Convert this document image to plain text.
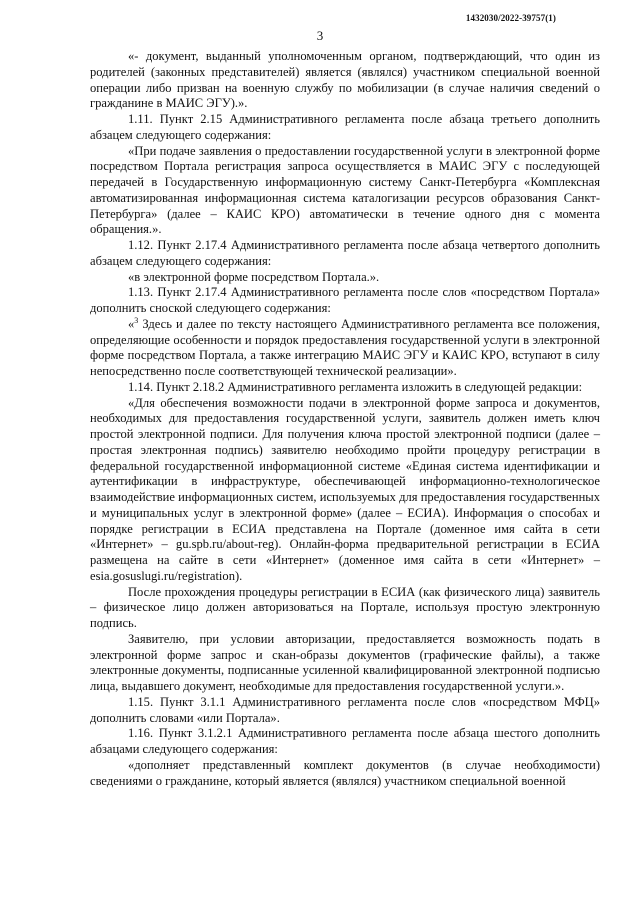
1432030/2022-39757(1)
3

«- документ, выданный уполномоченным органом, подтверждающий, что один из родителей (законных представителей) является (являлся) участником специальной военной операции либо призван на военную службу по мобилизации (в случае наличия сведений о гражданине в МАИС ЭГУ).».

1.11. Пункт 2.15 Административного регламента после абзаца третьего дополнить абзацем следующего содержания:

«При подаче заявления о предоставлении государственной услуги в электронной форме посредством Портала регистрация запроса осуществляется в МАИС ЭГУ с последующей передачей в Государственную информационную систему Санкт-Петербурга «Комплексная автоматизированная информационная система каталогизации ресурсов образования Санкт-Петербурга» (далее – КАИС КРО) автоматически в течение одного дня с момента обращения.».

1.12. Пункт 2.17.4 Административного регламента после абзаца четвертого дополнить абзацем следующего содержания:

«в электронной форме посредством Портала.».

1.13. Пункт 2.17.4 Административного регламента после слов «посредством Портала» дополнить сноской следующего содержания:

«$^3$ Здесь и далее по тексту настоящего Административного регламента все положения, определяющие особенности и порядок предоставления государственной услуги в электронной форме посредством Портала, а также интеграцию МАИС ЭГУ и КАИС КРО, вступают в силу непосредственно после соответствующей технической реализации».

1.14. Пункт 2.18.2 Административного регламента изложить в следующей редакции:

«Для обеспечения возможности подачи в электронной форме запроса и документов, необходимых для предоставления государственной услуги, заявитель должен иметь ключ простой электронной подписи. Для получения ключа простой электронной подписи (далее – простая электронная подпись) заявителю необходимо пройти процедуру регистрации в федеральной государственной информационной системе «Единая система идентификации и аутентификации в инфраструктуре, обеспечивающей информационно-технологическое взаимодействие информационных систем, используемых для предоставления государственных и муниципальных услуг в электронной форме» (далее – ЕСИА). Информация о способах и порядке регистрации в ЕСИА представлена на Портале (доменное имя сайта в сети «Интернет» – gu.spb.ru/about-reg). Онлайн-форма предварительной регистрации в ЕСИА размещена на сайте в сети «Интернет» (доменное имя сайта в сети «Интернет» – esia.gosuslugi.ru/registration).

После прохождения процедуры регистрации в ЕСИА (как физического лица) заявитель – физическое лицо должен авторизоваться на Портале, используя простую электронную подпись.

Заявителю, при условии авторизации, предоставляется возможность подать в электронной форме запрос и скан-образы документов (графические файлы), а также электронные документы, подписанные усиленной квалифицированной электронной подписью лица, выдавшего документ, необходимые для предоставления государственной услуги.».

1.15. Пункт 3.1.1 Административного регламента после слов «посредством МФЦ» дополнить словами «или Портала».

1.16. Пункт 3.1.2.1 Административного регламента после абзаца шестого дополнить абзацами следующего содержания:

«дополняет представленный комплект документов (в случае необходимости) сведениями о гражданине, который является (являлся) участником специальной военной
